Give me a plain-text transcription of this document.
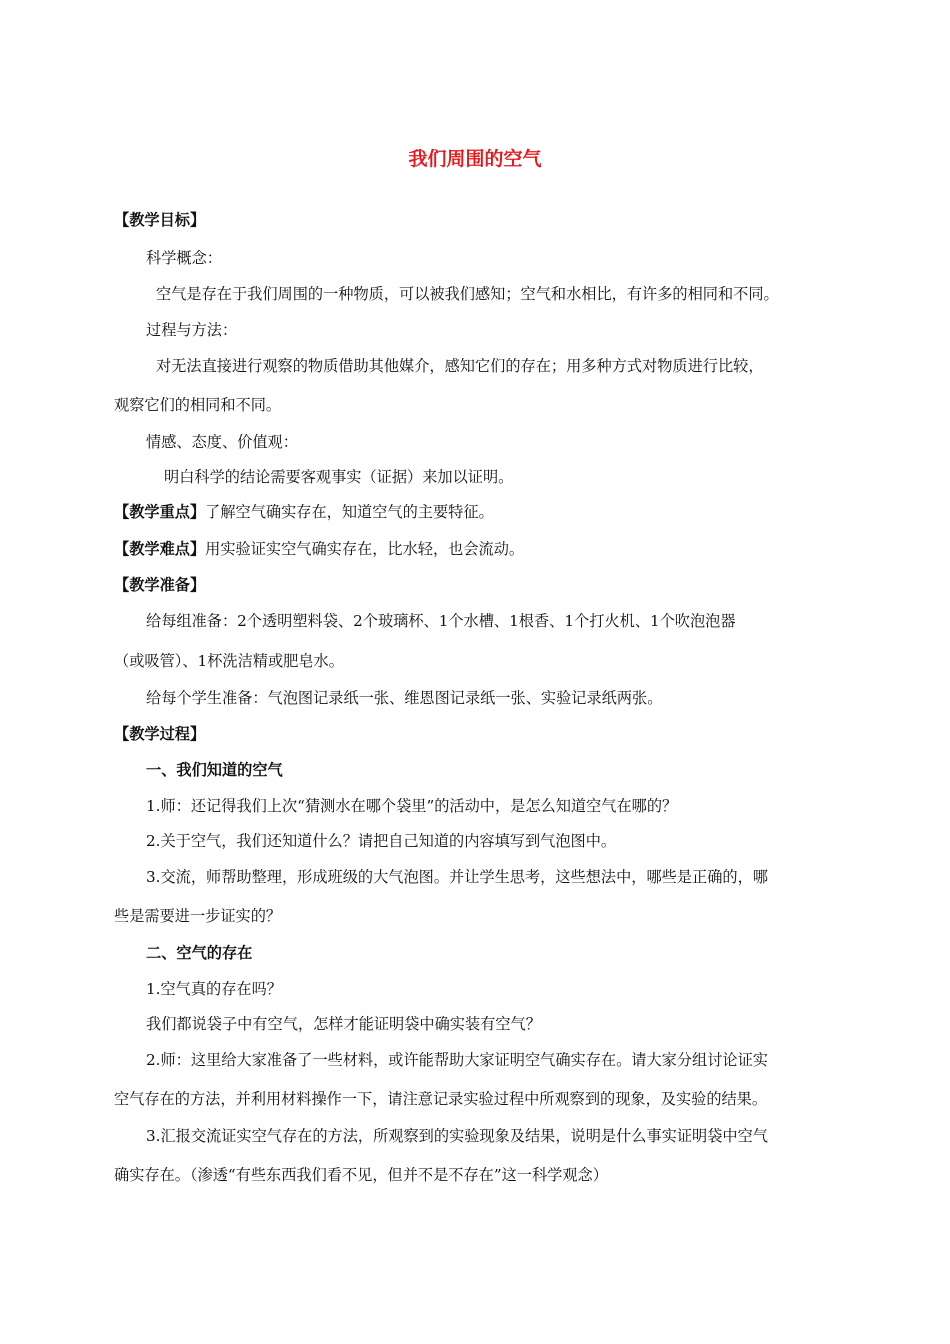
我们周围的空气
【教学目标】
科学概念：
空气是存在于我们周围的一种物质，可以被我们感知；空气和水相比，有许多的相同和不同。
过程与方法：
对无法直接进行观察的物质借助其他媒介，感知它们的存在；用多种方式对物质进行比较，
观察它们的相同和不同。
情感、态度、价值观：
明白科学的结论需要客观事实（证据）来加以证明。
【教学重点】了解空气确实存在，知道空气的主要特征。
【教学难点】用实验证实空气确实存在，比水轻，也会流动。
【教学准备】
给每组准备：2个透明塑料袋、2个玻璃杯、1个水槽、1根香、1个打火机、1个吹泡泡器
（或吸管）、1杯洗洁精或肥皂水。
给每个学生准备：气泡图记录纸一张、维恩图记录纸一张、实验记录纸两张。
【教学过程】
一、我们知道的空气
1.师：还记得我们上次“猜测水在哪个袋里”的活动中，是怎么知道空气在哪的？
2.关于空气，我们还知道什么？请把自己知道的内容填写到气泡图中。
3.交流，师帮助整理，形成班级的大气泡图。并让学生思考，这些想法中，哪些是正确的，哪
些是需要进一步证实的？
二、空气的存在
1.空气真的存在吗？
我们都说袋子中有空气，怎样才能证明袋中确实装有空气？
2.师：这里给大家准备了一些材料，或许能帮助大家证明空气确实存在。请大家分组讨论证实
空气存在的方法，并利用材料操作一下，请注意记录实验过程中所观察到的现象，及实验的结果。
3.汇报交流证实空气存在的方法，所观察到的实验现象及结果，说明是什么事实证明袋中空气
确实存在。（渗透“有些东西我们看不见，但并不是不存在”这一科学观念）
